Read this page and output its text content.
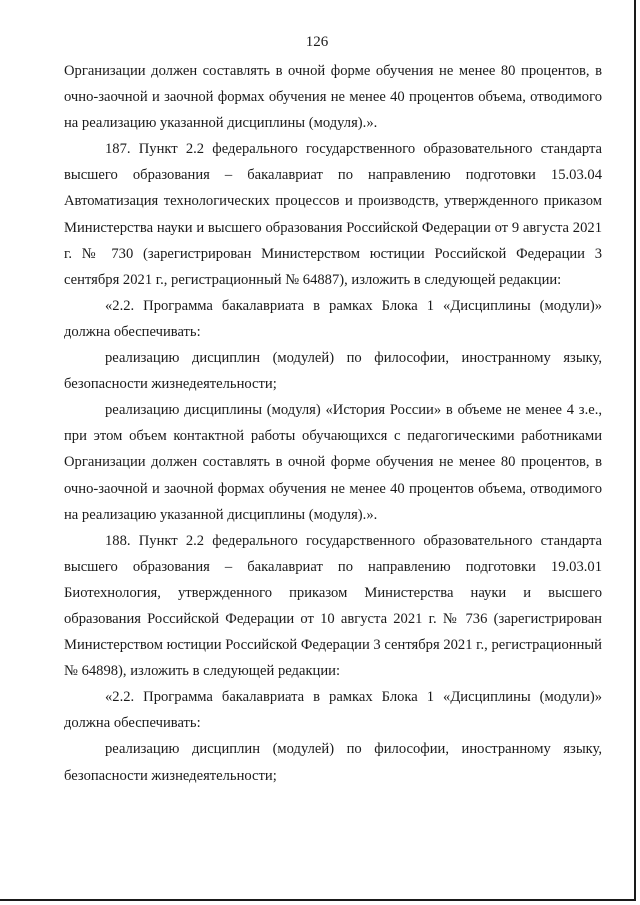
126

Организации должен составлять в очной форме обучения не менее 80 процентов, в очно-заочной и заочной формах обучения не менее 40 процентов объема, отводимого на реализацию указанной дисциплины (модуля).».

187. Пункт 2.2 федерального государственного образовательного стандарта высшего образования – бакалавриат по направлению подготовки 15.03.04 Автоматизация технологических процессов и производств, утвержденного приказом Министерства науки и высшего образования Российской Федерации от 9 августа 2021 г. № 730 (зарегистрирован Министерством юстиции Российской Федерации 3 сентября 2021 г., регистрационный № 64887), изложить в следующей редакции:

«2.2. Программа бакалавриата в рамках Блока 1 «Дисциплины (модули)» должна обеспечивать:

реализацию дисциплин (модулей) по философии, иностранному языку, безопасности жизнедеятельности;

реализацию дисциплины (модуля) «История России» в объеме не менее 4 з.е., при этом объем контактной работы обучающихся с педагогическими работниками Организации должен составлять в очной форме обучения не менее 80 процентов, в очно-заочной и заочной формах обучения не менее 40 процентов объема, отводимого на реализацию указанной дисциплины (модуля).».

188. Пункт 2.2 федерального государственного образовательного стандарта высшего образования – бакалавриат по направлению подготовки 19.03.01 Биотехнология, утвержденного приказом Министерства науки и высшего образования Российской Федерации от 10 августа 2021 г. № 736 (зарегистрирован Министерством юстиции Российской Федерации 3 сентября 2021 г., регистрационный № 64898), изложить в следующей редакции:

«2.2. Программа бакалавриата в рамках Блока 1 «Дисциплины (модули)» должна обеспечивать:

реализацию дисциплин (модулей) по философии, иностранному языку, безопасности жизнедеятельности;
